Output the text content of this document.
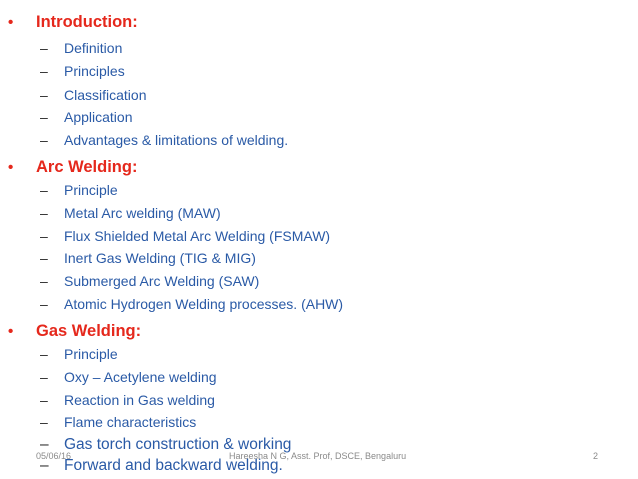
• Introduction:
– Definition
– Principles
– Classification
– Application
– Advantages & limitations of welding.
• Arc Welding:
– Principle
– Metal Arc welding (MAW)
– Flux Shielded Metal Arc Welding (FSMAW)
– Inert Gas Welding (TIG & MIG)
– Submerged Arc Welding (SAW)
– Atomic Hydrogen Welding processes. (AHW)
• Gas Welding:
– Principle
– Oxy – Acetylene welding
– Reaction in Gas welding
– Flame characteristics
– Gas torch construction & working
– Forward and backward welding.
05/06/16	Hareesha N G, Asst. Prof, DSCE, Bengaluru	2
